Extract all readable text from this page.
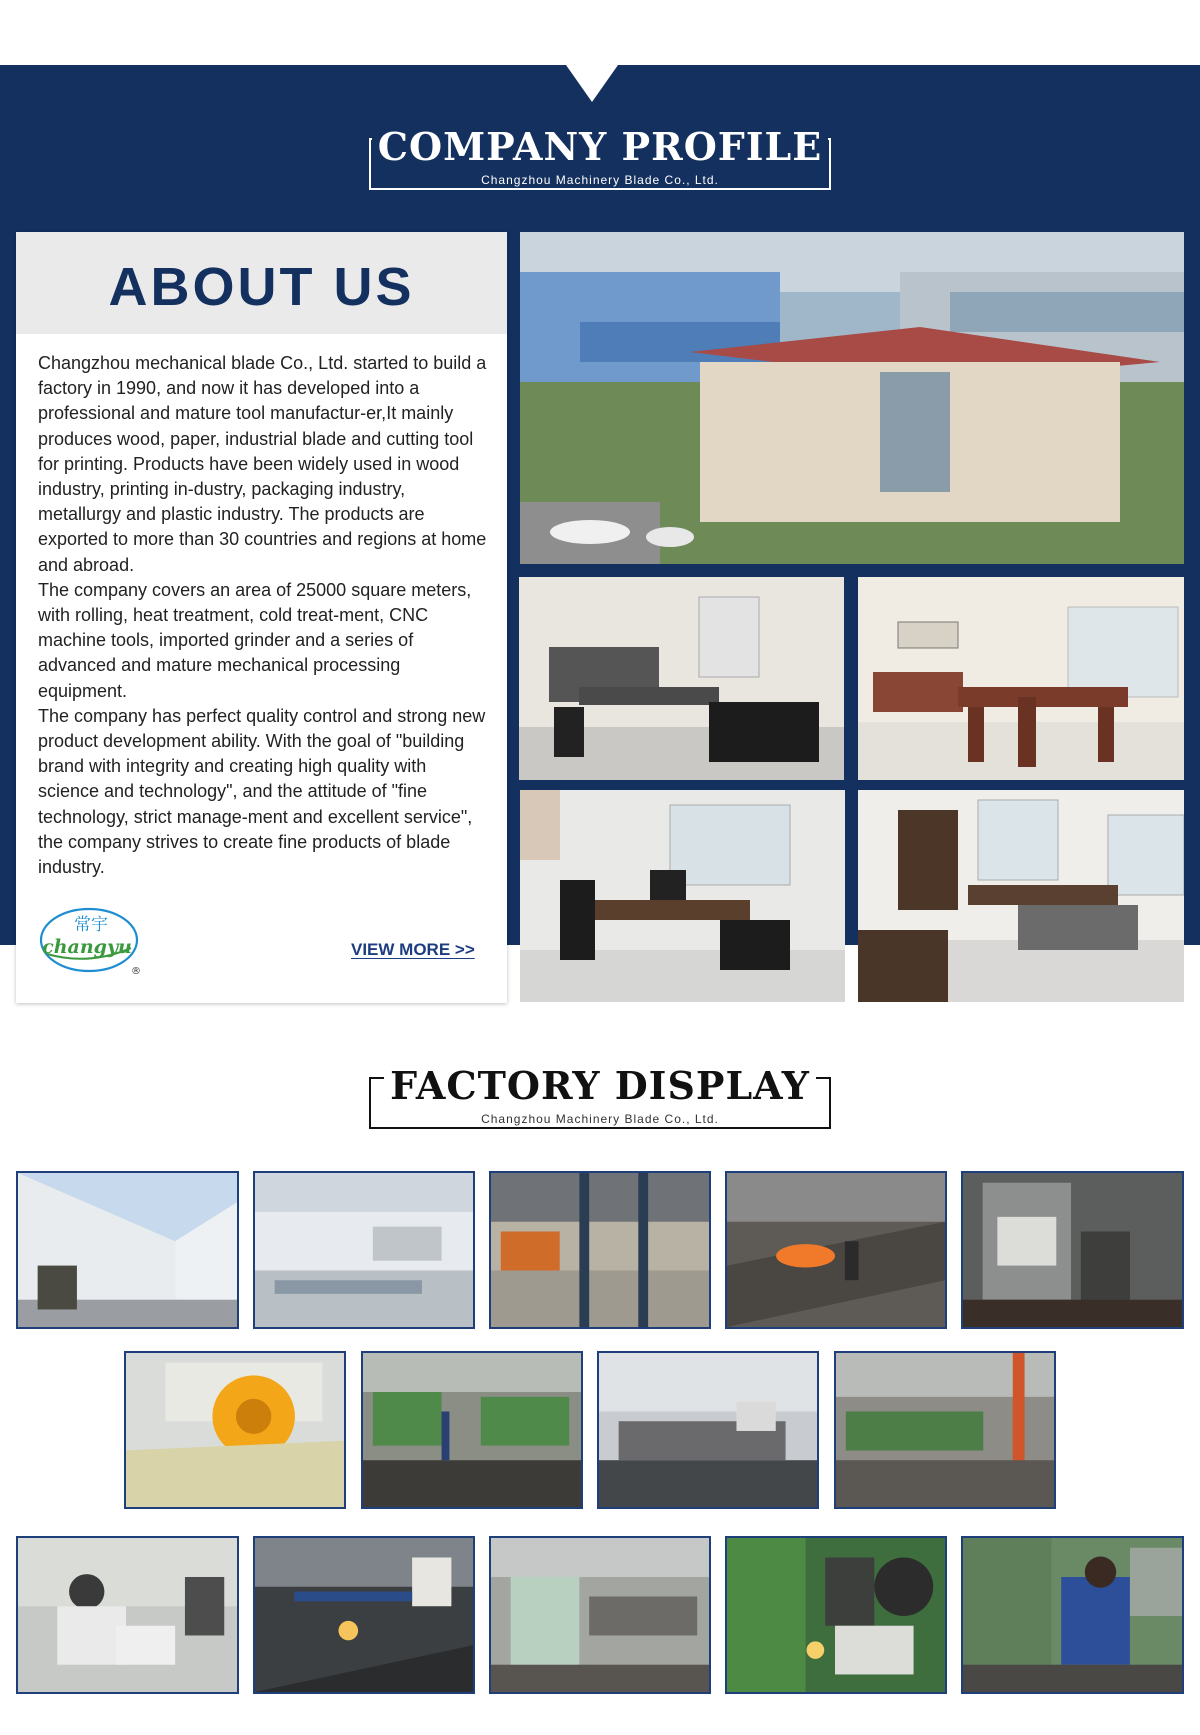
COMPANY PROFILE
Changzhou Machinery Blade Co., Ltd.
ABOUT US

Changzhou mechanical blade Co., Ltd. started to build a factory in 1990, and now it has developed into a professional and mature tool manufactur-er,It mainly produces wood, paper, industrial blade and cutting tool for printing. Products have been widely used in wood industry, printing in-dustry, packaging industry, metallurgy and plastic industry. The products are exported to more than 30 countries and regions at home and abroad.

The company covers an area of 25000 square meters, with rolling, heat treatment, cold treat-ment, CNC machine tools, imported grinder and a series of advanced and mature mechanical processing equipment.

The company has perfect quality control and strong new product development ability. With the goal of "building brand with integrity and creating high quality with science and technology", and the attitude of "fine technology, strict manage-ment and excellent service", the company strives to create fine products of blade industry.

常宇
changyu
®
VIEW MORE >>
FACTORY DISPLAY
Changzhou Machinery Blade Co., Ltd.
